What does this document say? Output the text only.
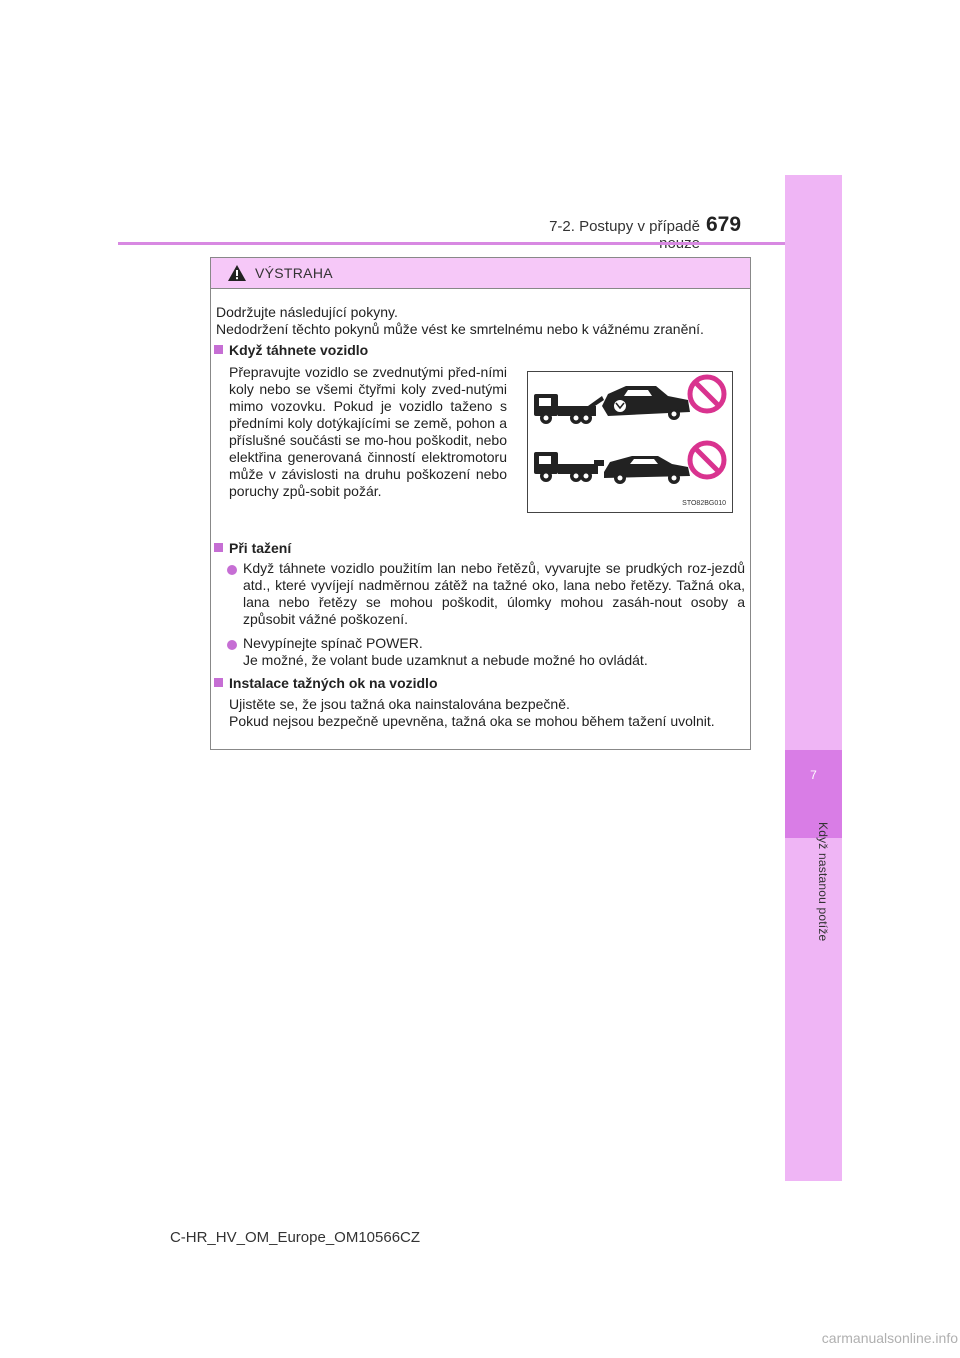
7
Když nastanou potíže
7-2. Postupy v případě 679
VÝSTRAHA
Dodržujte následující pokyny.
Nedodržení těchto pokynů může vést ke smrtelnému nebo k vážnému zranění.
Když táhnete vozidlo
Přepravujte vozidlo se zvednutými před-ními koly nebo se všemi čtyřmi koly zved-nutými mimo vozovku. Pokud je vozidlo taženo s předními koly dotýkajícími se země, pohon a příslušné součásti se mo-hou poškodit, nebo elektřina generovaná činností elektromotoru může v závislosti na druhu poškození nebo poruchy způ-sobit požár.
STO82BG010
Při tažení
Když táhnete vozidlo použitím lan nebo řetězů, vyvarujte se prudkých roz-jezdů atd., které vyvíjejí nadměrnou zátěž na tažné oko, lana nebo řetězy. Tažná oka, lana nebo řetězy se mohou poškodit, úlomky mohou zasáh-nout osoby a způsobit vážné poškození.
Nevypínejte spínač POWER.
Je možné, že volant bude uzamknut a nebude možné ho ovládát.
Instalace tažných ok na vozidlo
Ujistěte se, že jsou tažná oka nainstalována bezpečně.
Pokud nejsou bezpečně upevněna, tažná oka se mohou během tažení uvolnit.
C-HR_HV_OM_Europe_OM10566CZ
carmanualsonline.info
